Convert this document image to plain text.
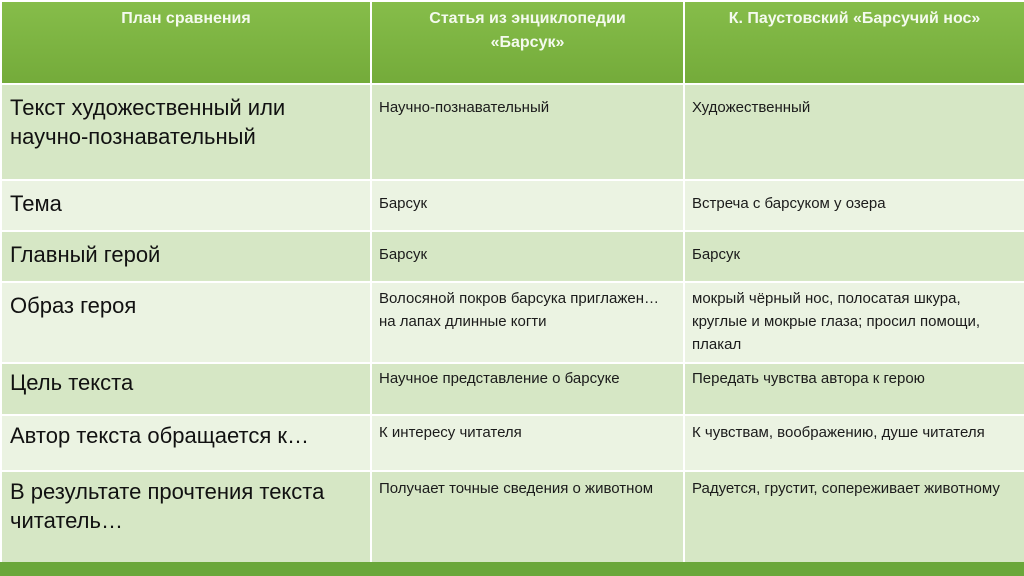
План сравнения	Статья из энциклопедии «Барсук»	К. Паустовский «Барсучий нос»
Текст художественный или научно-познавательный	Научно-познавательный	Художественный
Тема	Барсук	Встреча с барсуком у озера
Главный герой	Барсук	Барсук
Образ героя	Волосяной покров барсука приглажен…на лапах длинные когти	мокрый чёрный нос, полосатая шкура, круглые и мокрые глаза; просил помощи, плакал
Цель текста	Научное представление о барсуке	Передать чувства автора к герою
Автор текста обращается к…	К интересу читателя	К чувствам, воображению, душе читателя
В результате прочтения текста читатель…	Получает точные сведения о животном	Радуется, грустит, сопереживает животному
